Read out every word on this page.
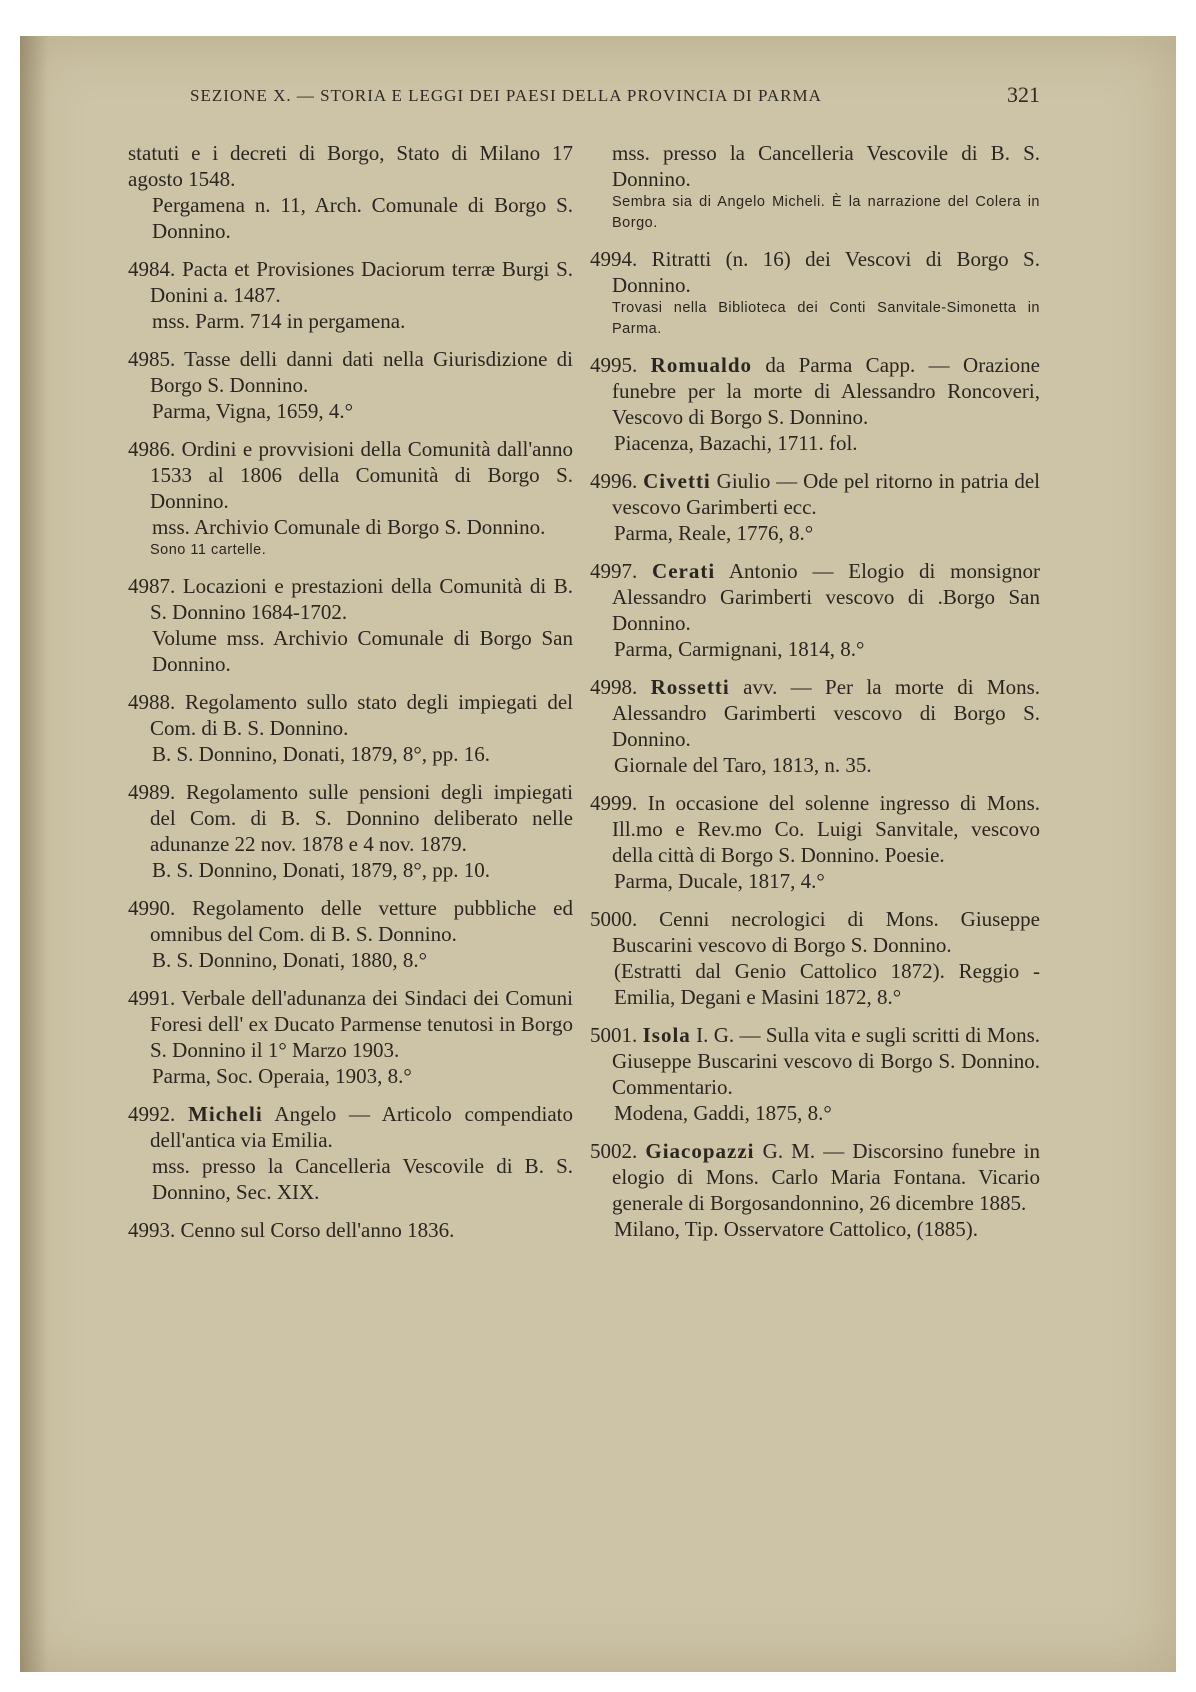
SEZIONE X. — STORIA E LEGGI DEI PAESI DELLA PROVINCIA DI PARMA	321

statuti e i decreti di Borgo, Stato di Milano 17 agosto 1548.

Pergamena n. 11, Arch. Comunale di Borgo S. Donnino.

4984. Pacta et Provisiones Daciorum terræ Burgi S. Donini a. 1487.

mss. Parm. 714 in pergamena.

4985. Tasse delli danni dati nella Giurisdizione di Borgo S. Donnino.

Parma, Vigna, 1659, 4.°

4986. Ordini e provvisioni della Comunità dall'anno 1533 al 1806 della Comunità di Borgo S. Donnino.

mss. Archivio Comunale di Borgo S. Donnino.

Sono 11 cartelle.

4987. Locazioni e prestazioni della Comunità di B. S. Donnino 1684-1702.

Volume mss. Archivio Comunale di Borgo San Donnino.

4988. Regolamento sullo stato degli impiegati del Com. di B. S. Donnino.

B. S. Donnino, Donati, 1879, 8°, pp. 16.

4989. Regolamento sulle pensioni degli impiegati del Com. di B. S. Donnino deliberato nelle adunanze 22 nov. 1878 e 4 nov. 1879.

B. S. Donnino, Donati, 1879, 8°, pp. 10.

4990. Regolamento delle vetture pubbliche ed omnibus del Com. di B. S. Donnino.

B. S. Donnino, Donati, 1880, 8.°

4991. Verbale dell'adunanza dei Sindaci dei Comuni Foresi dell' ex Ducato Parmense tenutosi in Borgo S. Donnino il 1° Marzo 1903.

Parma, Soc. Operaia, 1903, 8.°

4992. Micheli Angelo — Articolo compendiato dell'antica via Emilia.

mss. presso la Cancelleria Vescovile di B. S. Donnino, Sec. XIX.

4993. Cenno sul Corso dell'anno 1836.

mss. presso la Cancelleria Vescovile di B. S. Donnino.

Sembra sia di Angelo Micheli. È la narrazione del Colera in Borgo.

4994. Ritratti (n. 16) dei Vescovi di Borgo S. Donnino.

Trovasi nella Biblioteca dei Conti Sanvitale-Simonetta in Parma.

4995. Romualdo da Parma Capp. — Orazione funebre per la morte di Alessandro Roncoveri, Vescovo di Borgo S. Donnino.

Piacenza, Bazachi, 1711. fol.

4996. Civetti Giulio — Ode pel ritorno in patria del vescovo Garimberti ecc.

Parma, Reale, 1776, 8.°

4997. Cerati Antonio — Elogio di monsignor Alessandro Garimberti vescovo di .Borgo San Donnino.

Parma, Carmignani, 1814, 8.°

4998. Rossetti avv. — Per la morte di Mons. Alessandro Garimberti vescovo di Borgo S. Donnino.

Giornale del Taro, 1813, n. 35.

4999. In occasione del solenne ingresso di Mons. Ill.mo e Rev.mo Co. Luigi Sanvitale, vescovo della città di Borgo S. Donnino. Poesie.

Parma, Ducale, 1817, 4.°

5000. Cenni necrologici di Mons. Giuseppe Buscarini vescovo di Borgo S. Donnino.

(Estratti dal Genio Cattolico 1872). Reggio - Emilia, Degani e Masini 1872, 8.°

5001. Isola I. G. — Sulla vita e sugli scritti di Mons. Giuseppe Buscarini vescovo di Borgo S. Donnino. Commentario.

Modena, Gaddi, 1875, 8.°

5002. Giacopazzi G. M. — Discorsino funebre in elogio di Mons. Carlo Maria Fontana. Vicario generale di Borgosandonnino, 26 dicembre 1885.

Milano, Tip. Osservatore Cattolico, (1885).
